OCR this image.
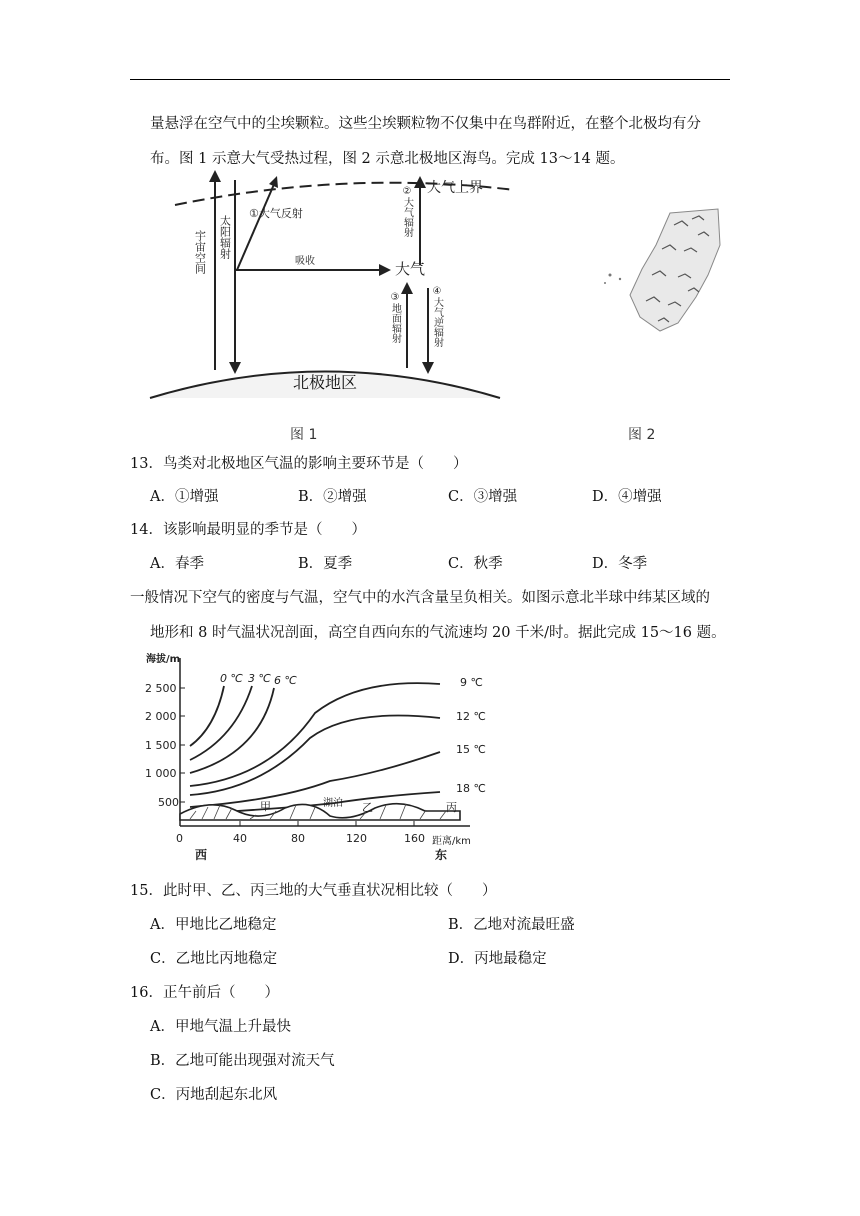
量悬浮在空气中的尘埃颗粒。这些尘埃颗粒物不仅集中在鸟群附近，在整个北极均有分
布。图 1 示意大气受热过程，图 2 示意北极地区海鸟。完成 13～14 题。
宇宙空间 太阳辐射
①大气反射
吸收	大气
大气上界
②大气辐射
③地面辐射	④大气逆辐射
北极地区
图 1	图 2
13．鸟类对北极地区气温的影响主要环节是（　　）
A．①增强	B．②增强	C．③增强	D．④增强
14．该影响最明显的季节是（　　）
A．春季	B．夏季	C．秋季	D．冬季
一般情况下空气的密度与气温，空气中的水汽含量呈负相关。如图示意北半球中纬某区域的
地形和 8 时气温状况剖面，高空自西向东的气流速均 20 千米/时。据此完成 15～16 题。
海拔/m
2 500
2 000
1 500
1 000
500
0	40	80	120	160 距离/km
西	东
0 ℃ 3 ℃ 6 ℃	9 ℃
12 ℃
15 ℃
18 ℃
甲	湖泊 乙	丙
15．此时甲、乙、丙三地的大气垂直状况相比较（　　）
A．甲地比乙地稳定	B．乙地对流最旺盛
C．乙地比丙地稳定	D．丙地最稳定
16．正午前后（　　）
A．甲地气温上升最快
B．乙地可能出现强对流天气
C．丙地刮起东北风
